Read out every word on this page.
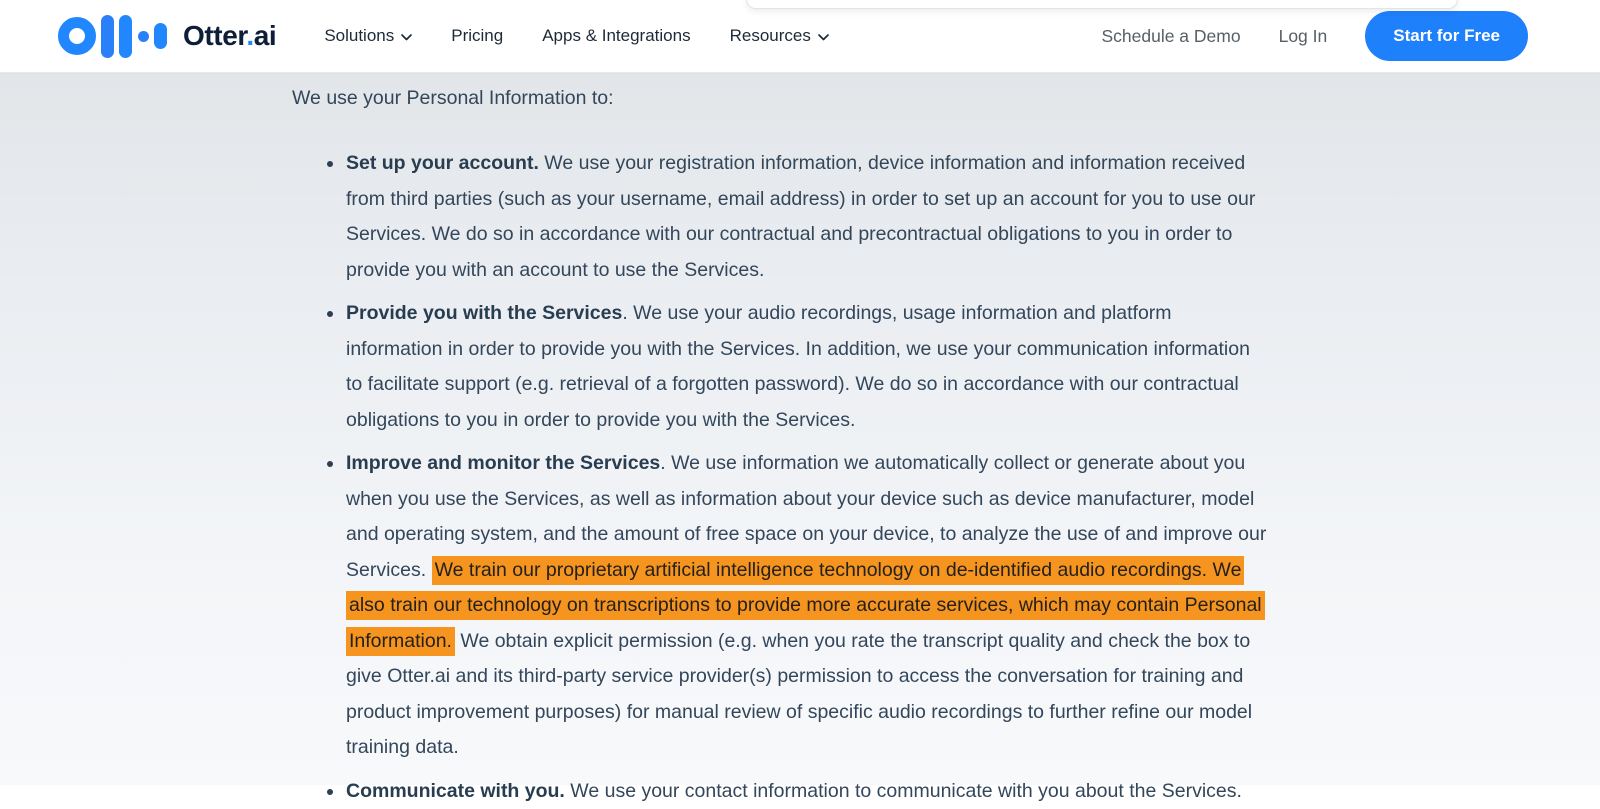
Otter.ai	Solutions	Pricing Apps & Integrations Resources	Schedule a Demo Log In	Start for Free

We use your Personal Information to:

Set up your account. We use your registration information, device information and information received from third parties (such as your username, email address) in order to set up an account for you to use our Services. We do so in accordance with our contractual and precontractual obligations to you in order to provide you with an account to use the Services.
Provide you with the Services. We use your audio recordings, usage information and platform information in order to provide you with the Services. In addition, we use your communication information to facilitate support (e.g. retrieval of a forgotten password). We do so in accordance with our contractual obligations to you in order to provide you with the Services.
Improve and monitor the Services. We use information we automatically collect or generate about you when you use the Services, as well as information about your device such as device manufacturer, model and operating system, and the amount of free space on your device, to analyze the use of and improve our Services. We train our proprietary artificial intelligence technology on de-identified audio recordings. We also train our technology on transcriptions to provide more accurate services, which may contain Personal Information. We obtain explicit permission (e.g. when you rate the transcript quality and check the box to give Otter.ai and its third-party service provider(s) permission to access the conversation for training and product improvement purposes) for manual review of specific audio recordings to further refine our model training data.
Communicate with you. We use your contact information to communicate with you about the Services.
